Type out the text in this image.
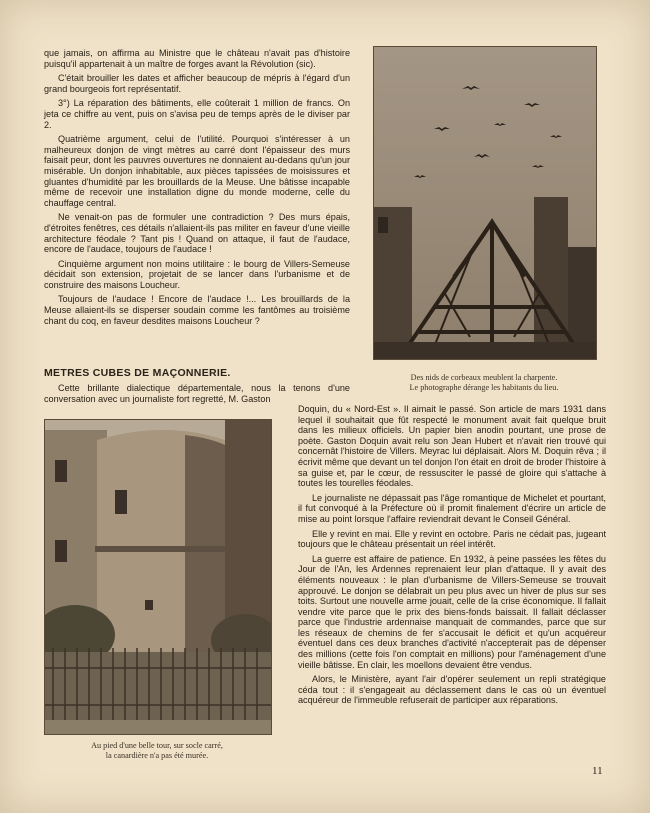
que jamais, on affirma au Ministre que le château n'avait pas d'histoire puisqu'il appartenait à un maître de forges avant la Révolution (sic).

C'était brouiller les dates et afficher beaucoup de mépris à l'égard d'un grand bourgeois fort représentatif.

3°) La réparation des bâtiments, elle coûterait 1 million de francs. On jeta ce chiffre au vent, puis on s'avisa peu de temps après de le diviser par 2.

Quatrième argument, celui de l'utilité. Pourquoi s'intéresser à un malheureux donjon de vingt mètres au carré dont l'épaisseur des murs faisait peur, dont les pauvres ouvertures ne donnaient au-dedans qu'un jour misérable. Un donjon inhabitable, aux pièces tapissées de moisissures et gluantes d'humidité par les brouillards de la Meuse. Une bâtisse incapable même de recevoir une installation digne du monde moderne, celle du chauffage central.

Ne venait-on pas de formuler une contradiction ? Des murs épais, d'étroites fenêtres, ces détails n'allaient-ils pas militer en faveur d'une vieille architecture féodale ? Tant pis ! Quand on attaque, il faut de l'audace, encore de l'audace, toujours de l'audace !

Cinquième argument non moins utilitaire : le bourg de Villers-Semeuse décidait son extension, projetait de se lancer dans l'urbanisme et de construire des maisons Loucheur.

Toujours de l'audace ! Encore de l'audace !... Les brouillards de la Meuse allaient-ils se disperser soudain comme les fantômes au troisième chant du coq, en faveur desdites maisons Loucheur ?

Des nids de corbeaux meublent la charpente.
Le photographe dérange les habitants du lieu.
METRES CUBES DE MAÇONNERIE.

Cette brillante dialectique départementale, nous la tenons d'une conversation avec un journaliste fort regretté, M. Gaston

Au pied d'une belle tour, sur socle carré,
la canardière n'a pas été murée.

Doquin, du « Nord-Est ». Il aimait le passé. Son article de mars 1931 dans lequel il souhaitait que fût respecté le monument avait fait quelque bruit dans les milieux officiels. Un papier bien anodin pourtant, une prose de poète. Gaston Doquin avait relu son Jean Hubert et n'avait rien trouvé qui concernât l'histoire de Villers. Meyrac lui déplaisait. Alors M. Doquin rêva ; il écrivit même que devant un tel donjon l'on était en droit de broder l'histoire à sa guise et, par le cœur, de ressusciter le passé de gloire qui s'attache à toutes les tourelles féodales.

Le journaliste ne dépassait pas l'âge romantique de Michelet et pourtant, il fut convoqué à la Préfecture où il promit finalement d'écrire un article de mise au point lorsque l'affaire reviendrait devant le Conseil Général.

Elle y revint en mai. Elle y revint en octobre. Paris ne cédait pas, jugeant toujours que le château présentait un réel intérêt.

La guerre est affaire de patience. En 1932, à peine passées les fêtes du Jour de l'An, les Ardennes reprenaient leur plan d'attaque. Il y avait des éléments nouveaux : le plan d'urbanisme de Villers-Semeuse se trouvait approuvé. Le donjon se délabrait un peu plus avec un hiver de plus sur ses toits. Surtout une nouvelle arme jouait, celle de la crise économique. Il fallait vendre vite parce que le prix des biens-fonds baissait. Il fallait déclasser parce que l'industrie ardennaise manquait de commandes, parce que sur les réseaux de chemins de fer s'accusait le déficit et qu'un acquéreur éventuel dans ces deux branches d'activité n'accepterait pas de dépenser des millions (cette fois l'on comptait en millions) pour l'aménagement d'une vieille bâtisse. En clair, les moellons devaient être vendus.

Alors, le Ministère, ayant l'air d'opérer seulement un repli stratégique céda tout : il s'engageait au déclassement dans le cas où un éventuel acquéreur de l'immeuble refuserait de participer aux réparations.

11
